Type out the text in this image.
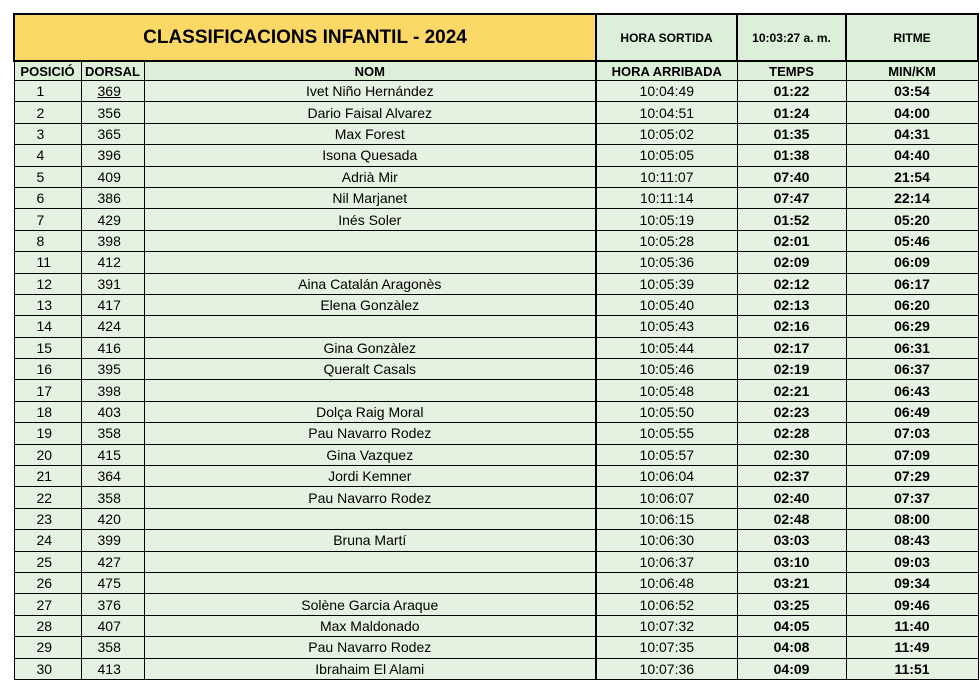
CLASSIFICACIONS INFANTIL - 2024			HORA SORTIDA	10:03:27 a. m.	RITME
POSICIÓ	DORSAL	NOM	HORA ARRIBADA	TEMPS	MIN/KM
1	369	Ivet Niño Hernández	10:04:49	01:22	03:54
2	356	Dario Faisal Alvarez	10:04:51	01:24	04:00
3	365	Max Forest	10:05:02	01:35	04:31
4	396	Isona Quesada	10:05:05	01:38	04:40
5	409	Adrià Mir	10:11:07	07:40	21:54
6	386	Nil Marjanet	10:11:14	07:47	22:14
7	429	Inés Soler	10:05:19	01:52	05:20
8	398		10:05:28	02:01	05:46
11	412		10:05:36	02:09	06:09
12	391	Aina Catalán Aragonès	10:05:39	02:12	06:17
13	417	Elena Gonzàlez	10:05:40	02:13	06:20
14	424		10:05:43	02:16	06:29
15	416	Gina Gonzàlez	10:05:44	02:17	06:31
16	395	Queralt Casals	10:05:46	02:19	06:37
17	398		10:05:48	02:21	06:43
18	403	Dolça Raig Moral	10:05:50	02:23	06:49
19	358	Pau Navarro Rodez	10:05:55	02:28	07:03
20	415	Gina Vazquez	10:05:57	02:30	07:09
21	364	Jordi Kemner	10:06:04	02:37	07:29
22	358	Pau Navarro Rodez	10:06:07	02:40	07:37
23	420		10:06:15	02:48	08:00
24	399	Bruna Martí	10:06:30	03:03	08:43
25	427		10:06:37	03:10	09:03
26	475		10:06:48	03:21	09:34
27	376	Solène Garcia Araque	10:06:52	03:25	09:46
28	407	Max Maldonado	10:07:32	04:05	11:40
29	358	Pau Navarro Rodez	10:07:35	04:08	11:49
30	413	Ibrahaim El Alami	10:07:36	04:09	11:51
